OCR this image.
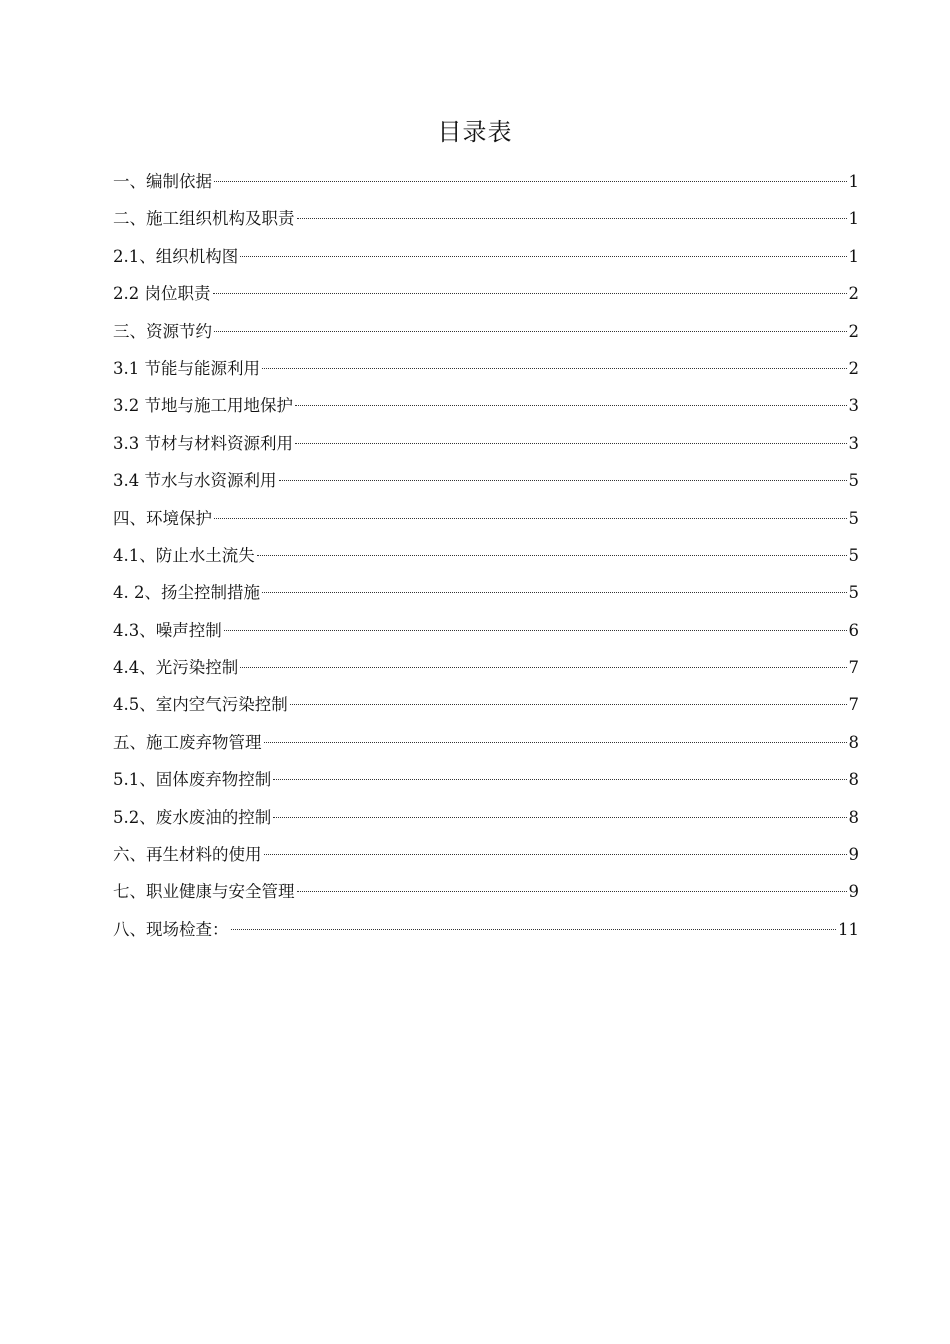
目录表
一、编制依据	1
二、施工组织机构及职责	1
2.1、组织机构图	1
2.2 岗位职责	2
三、资源节约	2
3.1 节能与能源利用	2
3.2 节地与施工用地保护	3
3.3 节材与材料资源利用	3
3.4 节水与水资源利用	5
四、环境保护	5
4.1、防止水土流失	5
4. 2、扬尘控制措施	5
4.3、噪声控制	6
4.4、光污染控制	7
4.5、室内空气污染控制	7
五、施工废弃物管理	8
5.1、固体废弃物控制	8
5.2、废水废油的控制	8
六、再生材料的使用	9
七、职业健康与安全管理	9
八、现场检查：	11
